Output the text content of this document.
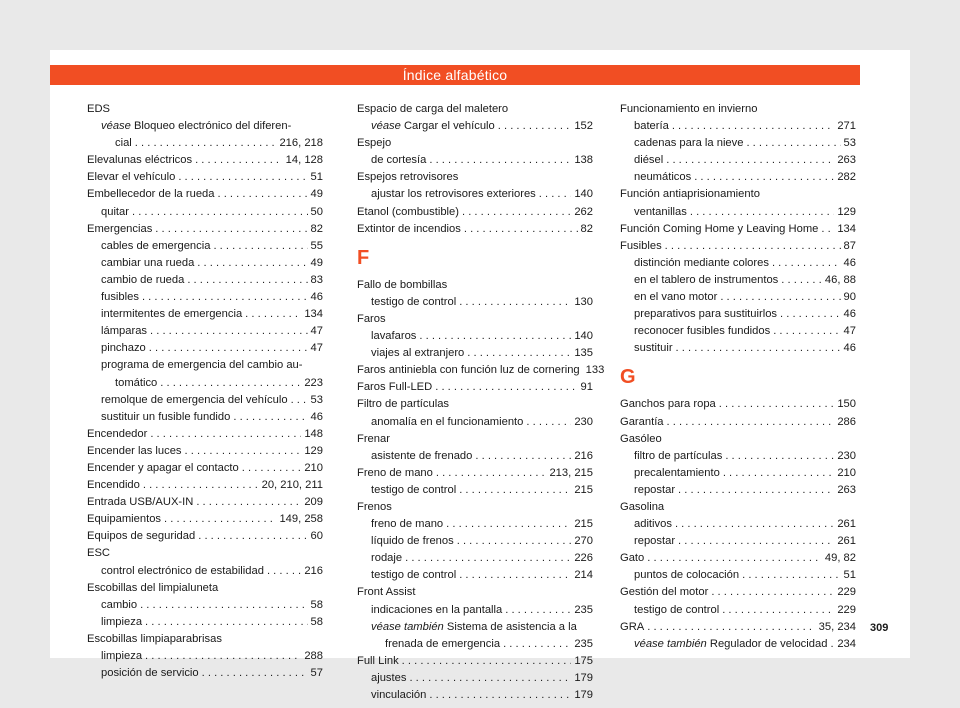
Índice alfabético
EDS
véase Bloqueo electrónico del diferen-
cial . . .	216, 218
Elevalunas eléctricos . . .	14, 128
Elevar el vehículo . . .	51
Embellecedor de la rueda . . .	49
quitar . . .	50
Emergencias . . .	82
cables de emergencia . . .	55
cambiar una rueda . . .	49
cambio de rueda . . .	83
fusibles . . .	46
intermitentes de emergencia . . .	134
lámparas . . .	47
pinchazo . . .	47
programa de emergencia del cambio au-
tomático . . .	223
remolque de emergencia del vehículo . . . 53
sustituir un fusible fundido . . .	46
Encendedor . . .	148
Encender las luces . . .	129
Encender y apagar el contacto . . .	210
Encendido . . .	20, 210, 211
Entrada USB/AUX-IN . . .	209
Equipamientos . . .	149, 258
Equipos de seguridad . . .	60
ESC
control electrónico de estabilidad . . .	216
Escobillas del limpialuneta
cambio . . .	58
limpieza . . .	58
Escobillas limpiaparabrisas
limpieza . . .	288
posición de servicio . . .	57
Espacio de carga del maletero
véase Cargar el vehículo . . .	152
Espejo
de cortesía . . .	138
Espejos retrovisores
ajustar los retrovisores exteriores . . .	140
Etanol (combustible) . . .	262
Extintor de incendios . . .	82
F
Fallo de bombillas
testigo de control . . .	130
Faros
lavafaros . . .	140
viajes al extranjero . . .	135
Faros antiniebla con función luz de cornering 133
Faros Full-LED . . .	91
Filtro de partículas
anomalía en el funcionamiento . . .	230
Frenar
asistente de frenado . . .	216
Freno de mano . . .	213, 215
testigo de control . . .	215
Frenos
freno de mano . . .	215
líquido de frenos . . .	270
rodaje . . .	226
testigo de control . . .	214
Front Assist
indicaciones en la pantalla . . .	235
véase también Sistema de asistencia a la
frenada de emergencia . . .	235
Full Link . . .	175
ajustes . . .	179
vinculación . . .	179
Funcionamiento en invierno
batería . . .	271
cadenas para la nieve . . .	53
diésel . . .	263
neumáticos . . .	282
Función antiaprisionamiento
ventanillas . . .	129
Función Coming Home y Leaving Home . . . 134
Fusibles . . .	87
distinción mediante colores . . .	46
en el tablero de instrumentos . . .	46, 88
en el vano motor . . .	90
preparativos para sustituirlos . . .	46
reconocer fusibles fundidos . . .	47
sustituir . . .	46
G
Ganchos para ropa . . .	150
Garantía . . .	286
Gasóleo
filtro de partículas . . .	230
precalentamiento . . .	210
repostar . . .	263
Gasolina
aditivos . . .	261
repostar . . .	261
Gato . . .	49, 82
puntos de colocación . . .	51
Gestión del motor . . .	229
testigo de control . . .	229
GRA . . .	35, 234
véase también Regulador de velocidad . . . 234
309
